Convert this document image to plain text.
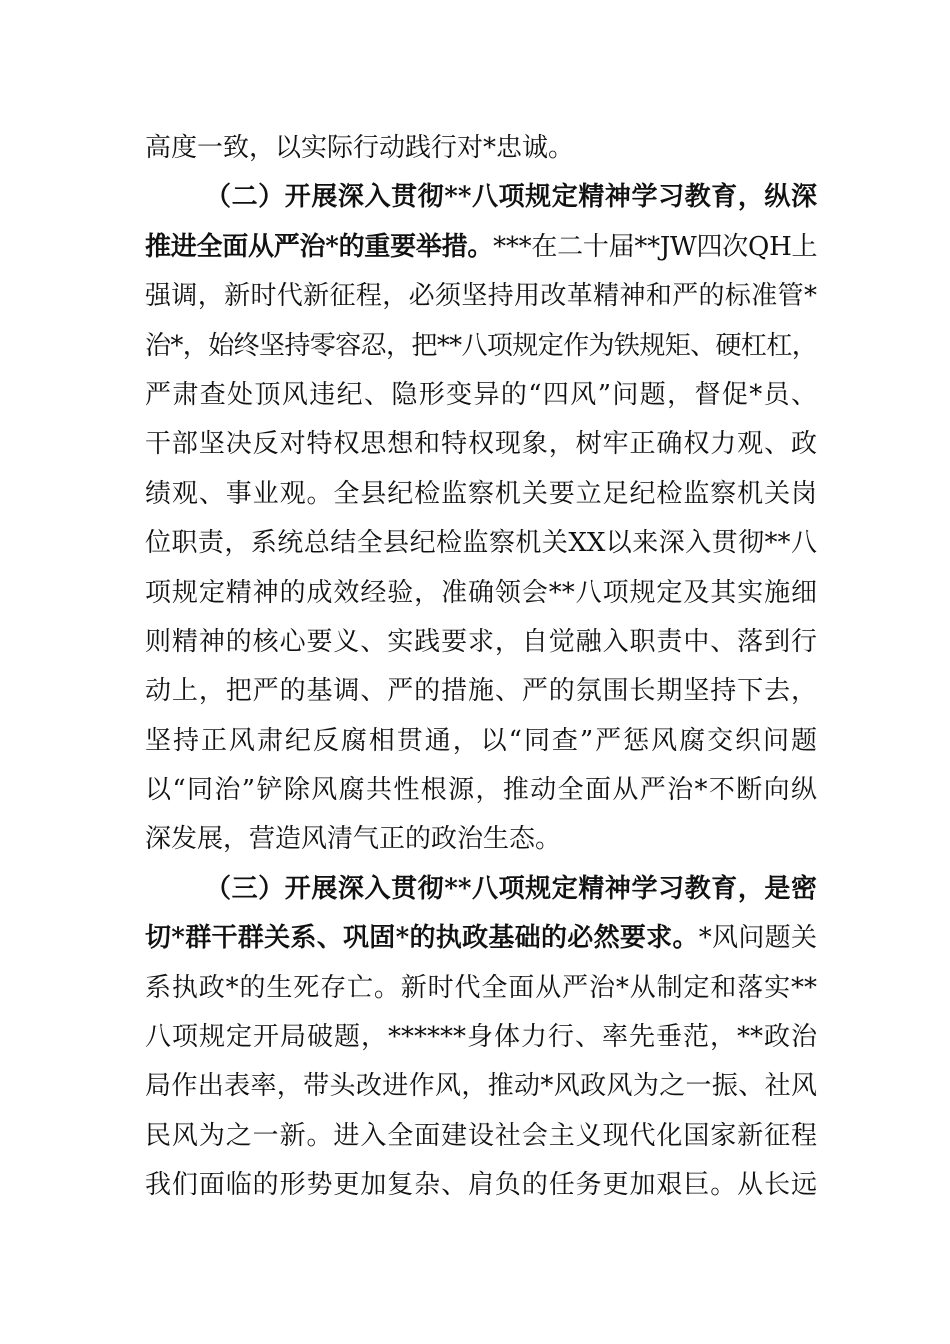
高度一致，以实际行动践行对*忠诚。
（二）开展深入贯彻**八项规定精神学习教育，纵深
推进全面从严治*的重要举措。***在二十届**JW四次QH上
强调，新时代新征程，必须坚持用改革精神和严的标准管*
治*，始终坚持零容忍，把**八项规定作为铁规矩、硬杠杠，
严肃查处顶风违纪、隐形变异的“四风”问题，督促*员、
干部坚决反对特权思想和特权现象，树牢正确权力观、政
绩观、事业观。全县纪检监察机关要立足纪检监察机关岗
位职责，系统总结全县纪检监察机关XX以来深入贯彻**八
项规定精神的成效经验，准确领会**八项规定及其实施细
则精神的核心要义、实践要求，自觉融入职责中、落到行
动上，把严的基调、严的措施、严的氛围长期坚持下去，
坚持正风肃纪反腐相贯通，以“同查”严惩风腐交织问题
以“同治”铲除风腐共性根源，推动全面从严治*不断向纵
深发展，营造风清气正的政治生态。
（三）开展深入贯彻**八项规定精神学习教育，是密
切*群干群关系、巩固*的执政基础的必然要求。*风问题关
系执政*的生死存亡。新时代全面从严治*从制定和落实**
八项规定开局破题，******身体力行、率先垂范，**政治
局作出表率，带头改进作风，推动*风政风为之一振、社风
民风为之一新。进入全面建设社会主义现代化国家新征程
我们面临的形势更加复杂、肩负的任务更加艰巨。从长远
